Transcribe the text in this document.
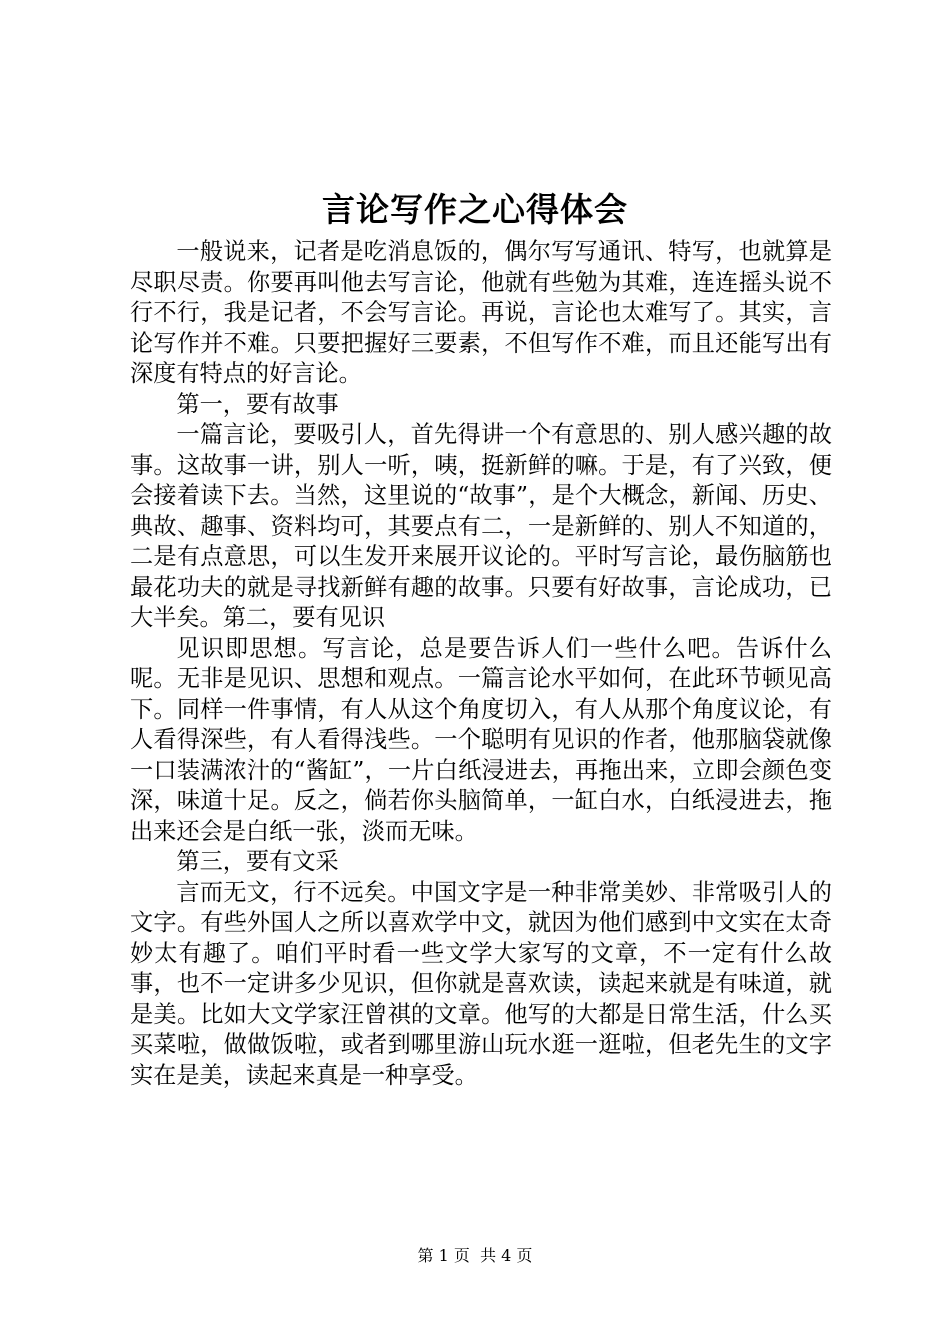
言论写作之心得体会

一般说来，记者是吃消息饭的，偶尔写写通讯、特写，也就算是尽职尽责。你要再叫他去写言论，他就有些勉为其难，连连摇头说不行不行，我是记者，不会写言论。再说，言论也太难写了。其实，言论写作并不难。只要把握好三要素，不但写作不难，而且还能写出有深度有特点的好言论。

第一，要有故事

一篇言论，要吸引人，首先得讲一个有意思的、别人感兴趣的故事。这故事一讲，别人一听，咦，挺新鲜的嘛。于是，有了兴致，便会接着读下去。当然，这里说的“故事”，是个大概念，新闻、历史、典故、趣事、资料均可，其要点有二，一是新鲜的、别人不知道的，二是有点意思，可以生发开来展开议论的。平时写言论，最伤脑筋也最花功夫的就是寻找新鲜有趣的故事。只要有好故事，言论成功，已大半矣。第二，要有见识

见识即思想。写言论，总是要告诉人们一些什么吧。告诉什么呢。无非是见识、思想和观点。一篇言论水平如何，在此环节顿见高下。同样一件事情，有人从这个角度切入，有人从那个角度议论，有人看得深些，有人看得浅些。一个聪明有见识的作者，他那脑袋就像一口装满浓汁的“酱缸”，一片白纸浸进去，再拖出来，立即会颜色变深，味道十足。反之，倘若你头脑简单，一缸白水，白纸浸进去，拖出来还会是白纸一张，淡而无味。

第三，要有文采

言而无文，行不远矣。中国文字是一种非常美妙、非常吸引人的文字。有些外国人之所以喜欢学中文，就因为他们感到中文实在太奇妙太有趣了。咱们平时看一些文学大家写的文章，不一定有什么故事，也不一定讲多少见识，但你就是喜欢读，读起来就是有味道，就是美。比如大文学家汪曾祺的文章。他写的大都是日常生活，什么买买菜啦，做做饭啦，或者到哪里游山玩水逛一逛啦，但老先生的文字实在是美，读起来真是一种享受。

第 1 页  共 4 页
